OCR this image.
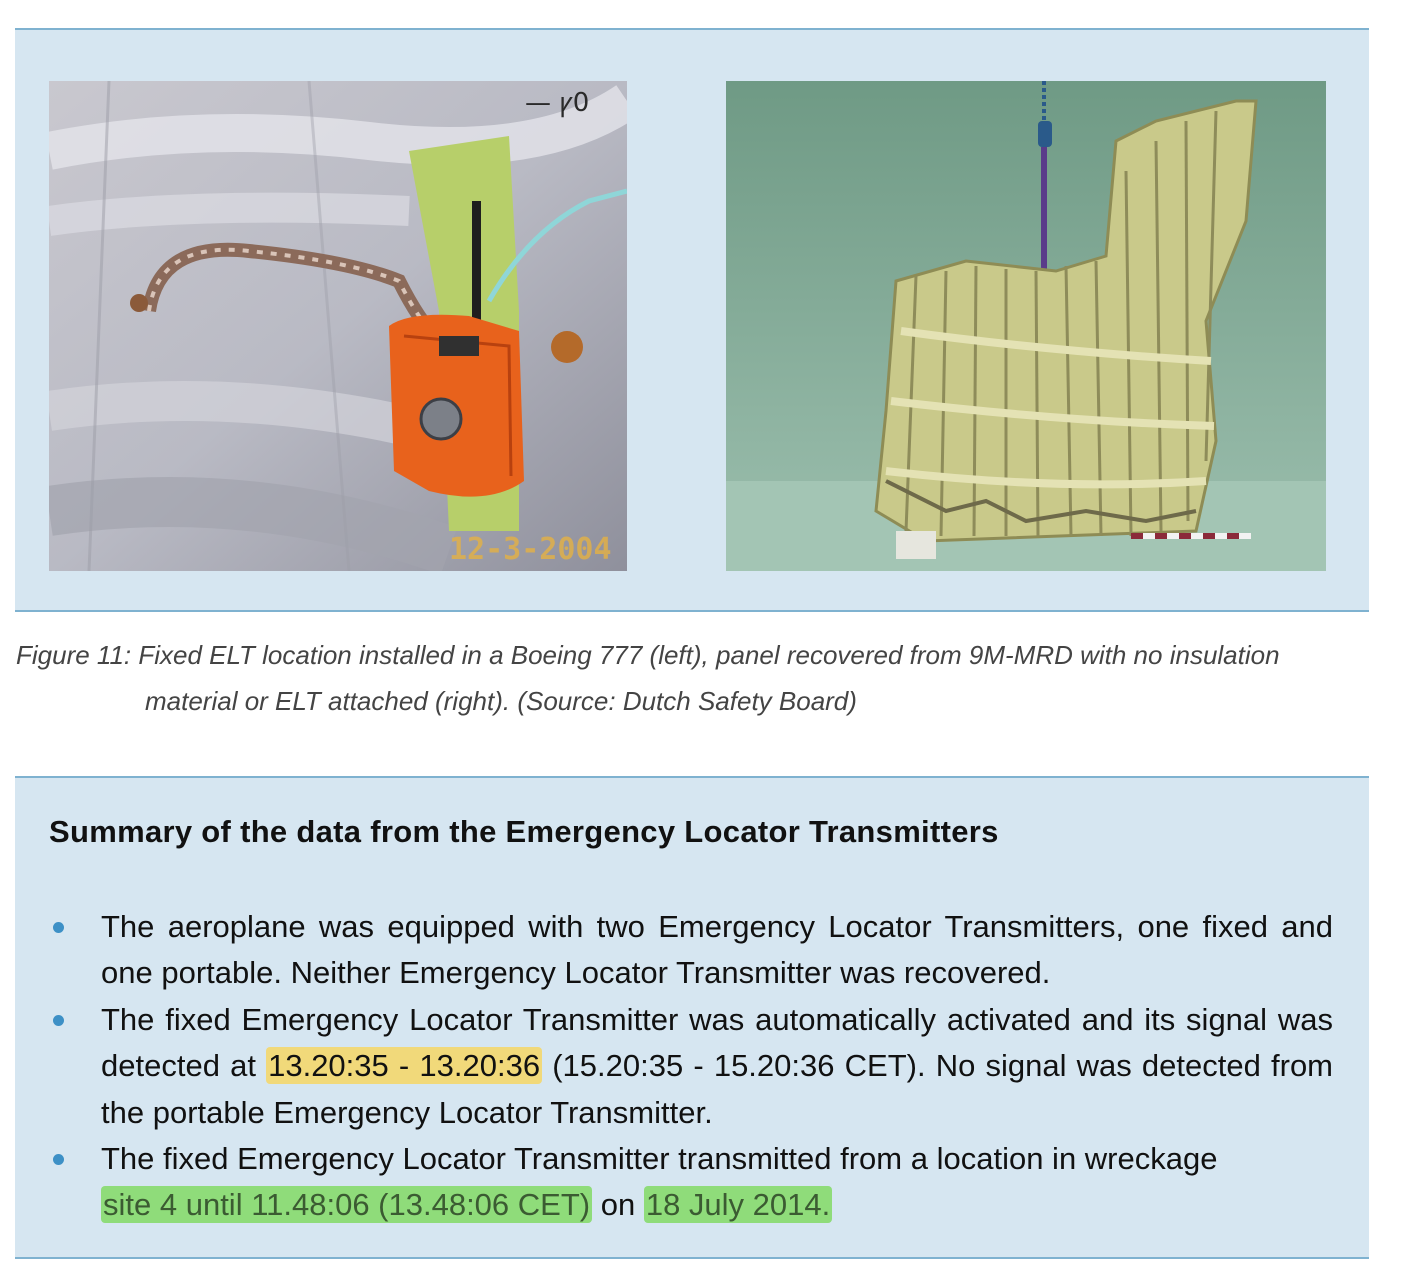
— ꝩ0
12-3-2004
Figure 11: Fixed ELT location installed in a Boeing 777 (left), panel recovered from 9M-MRD with no insulation
material or ELT attached (right). (Source: Dutch Safety Board)
Summary of the data from the Emergency Locator Transmitters
The aeroplane was equipped with two Emergency Locator Transmitters, one fixed and one portable. Neither Emergency Locator Transmitter was recovered.
The fixed Emergency Locator Transmitter was automatically activated and its signal was detected at 13.20:35 - 13.20:36 (15.20:35 - 15.20:36 CET). No signal was detected from the portable Emergency Locator Transmitter.
The fixed Emergency Locator Transmitter transmitted from a location in wreckage
site 4 until 11.48:06 (13.48:06 CET) on 18 July 2014.
